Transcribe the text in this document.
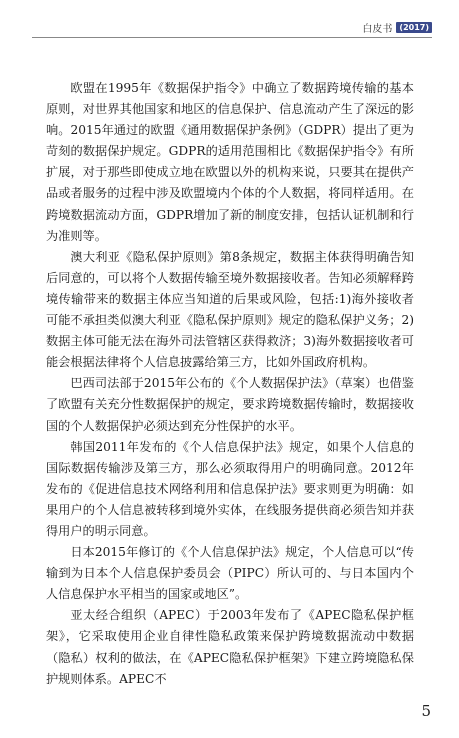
白皮书 (2017)

欧盟在1995年《数据保护指令》中确立了数据跨境传输的基本原则，对世界其他国家和地区的信息保护、信息流动产生了深远的影响。2015年通过的欧盟《通用数据保护条例》（GDPR）提出了更为苛刻的数据保护规定。GDPR的适用范围相比《数据保护指令》有所扩展，对于那些即使成立地在欧盟以外的机构来说，只要其在提供产品或者服务的过程中涉及欧盟境内个体的个人数据，将同样适用。在跨境数据流动方面，GDPR增加了新的制度安排，包括认证机制和行为准则等。

澳大利亚《隐私保护原则》第8条规定，数据主体获得明确告知后同意的，可以将个人数据传输至境外数据接收者。告知必须解释跨境传输带来的数据主体应当知道的后果或风险，包括:1)海外接收者可能不承担类似澳大利亚《隐私保护原则》规定的隐私保护义务；2)数据主体可能无法在海外司法管辖区获得救济；3)海外数据接收者可能会根据法律将个人信息披露给第三方，比如外国政府机构。

巴西司法部于2015年公布的《个人数据保护法》（草案）也借鉴了欧盟有关充分性数据保护的规定，要求跨境数据传输时，数据接收国的个人数据保护必须达到充分性保护的水平。

韩国2011年发布的《个人信息保护法》规定，如果个人信息的国际数据传输涉及第三方，那么必须取得用户的明确同意。2012年发布的《促进信息技术网络利用和信息保护法》要求则更为明确：如果用户的个人信息被转移到境外实体，在线服务提供商必须告知并获得用户的明示同意。

日本2015年修订的《个人信息保护法》规定，个人信息可以“传输到为日本个人信息保护委员会（PIPC）所认可的、与日本国内个人信息保护水平相当的国家或地区”。

亚太经合组织（APEC）于2003年发布了《APEC隐私保护框架》，它采取使用企业自律性隐私政策来保护跨境数据流动中数据（隐私）权利的做法，在《APEC隐私保护框架》下建立跨境隐私保护规则体系。APEC不

5
